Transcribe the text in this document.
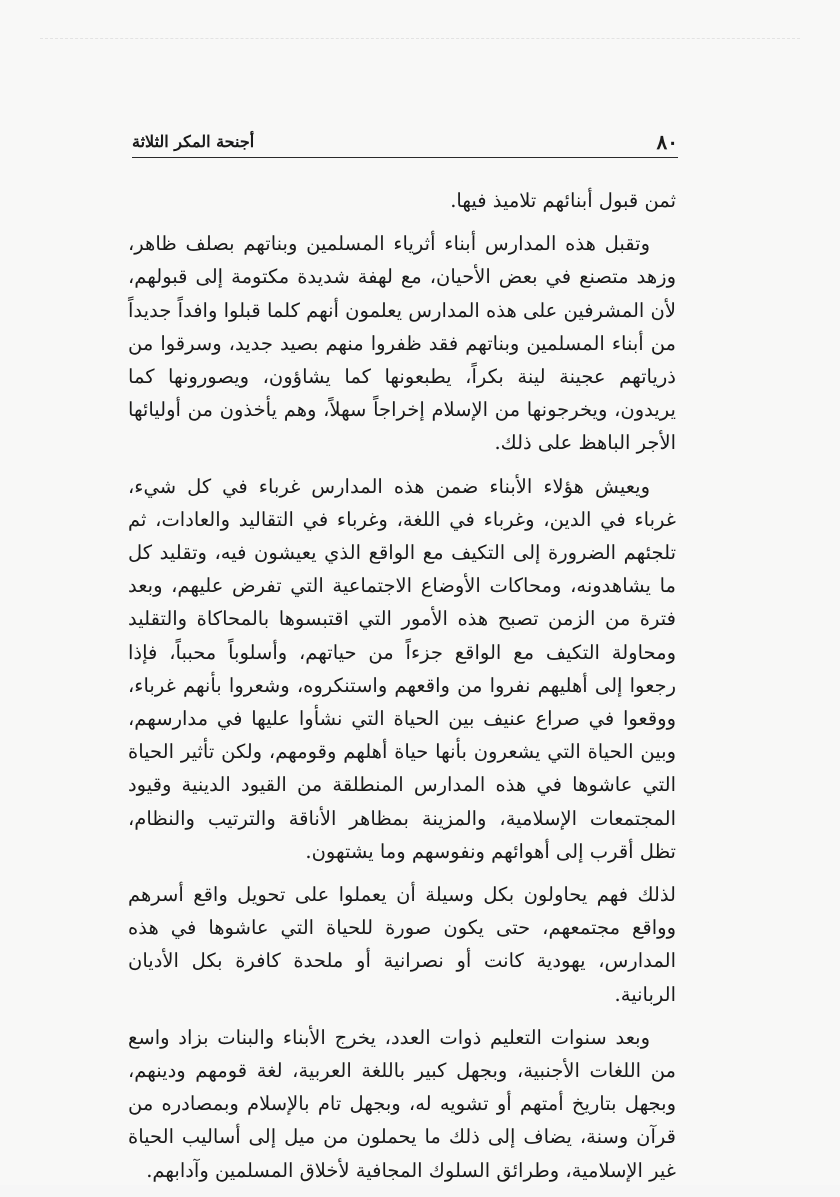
٨٠
أجنحة المكر الثلاثة

ثمن قبول أبنائهم تلاميذ فيها.

وتقبل هذه المدارس أبناء أثرياء المسلمين وبناتهم بصلف ظاهر، وزهد متصنع في بعض الأحيان، مع لهفة شديدة مكتومة إلى قبولهم، لأن المشرفين على هذه المدارس يعلمون أنهم كلما قبلوا وافداً جديداً من أبناء المسلمين وبناتهم فقد ظفروا منهم بصيد جديد، وسرقوا من ذرياتهم عجينة لينة بكراً، يطبعونها كما يشاؤون، ويصورونها كما يريدون، ويخرجونها من الإسلام إخراجاً سهلاً، وهم يأخذون من أوليائها الأجر الباهظ على ذلك.

ويعيش هؤلاء الأبناء ضمن هذه المدارس غرباء في كل شيء، غرباء في الدين، وغرباء في اللغة، وغرباء في التقاليد والعادات، ثم تلجئهم الضرورة إلى التكيف مع الواقع الذي يعيشون فيه، وتقليد كل ما يشاهدونه، ومحاكات الأوضاع الاجتماعية التي تفرض عليهم، وبعد فترة من الزمن تصبح هذه الأمور التي اقتبسوها بالمحاكاة والتقليد ومحاولة التكيف مع الواقع جزءاً من حياتهم، وأسلوباً محبباً، فإذا رجعوا إلى أهليهم نفروا من واقعهم واستنكروه، وشعروا بأنهم غرباء، ووقعوا في صراع عنيف بين الحياة التي نشأوا عليها في مدارسهم، وبين الحياة التي يشعرون بأنها حياة أهلهم وقومهم، ولكن تأثير الحياة التي عاشوها في هذه المدارس المنطلقة من القيود الدينية وقيود المجتمعات الإسلامية، والمزينة بمظاهر الأناقة والترتيب والنظام، تظل أقرب إلى أهوائهم ونفوسهم وما يشتهون.

لذلك فهم يحاولون بكل وسيلة أن يعملوا على تحويل واقع أسرهم وواقع مجتمعهم، حتى يكون صورة للحياة التي عاشوها في هذه المدارس، يهودية كانت أو نصرانية أو ملحدة كافرة بكل الأديان الربانية.

وبعد سنوات التعليم ذوات العدد، يخرج الأبناء والبنات بزاد واسع من اللغات الأجنبية، وبجهل كبير باللغة العربية، لغة قومهم ودينهم، وبجهل بتاريخ أمتهم أو تشويه له، وبجهل تام بالإسلام وبمصادره من قرآن وسنة، يضاف إلى ذلك ما يحملون من ميل إلى أساليب الحياة غير الإسلامية، وطرائق السلوك المجافية لأخلاق المسلمين وآدابهم.
